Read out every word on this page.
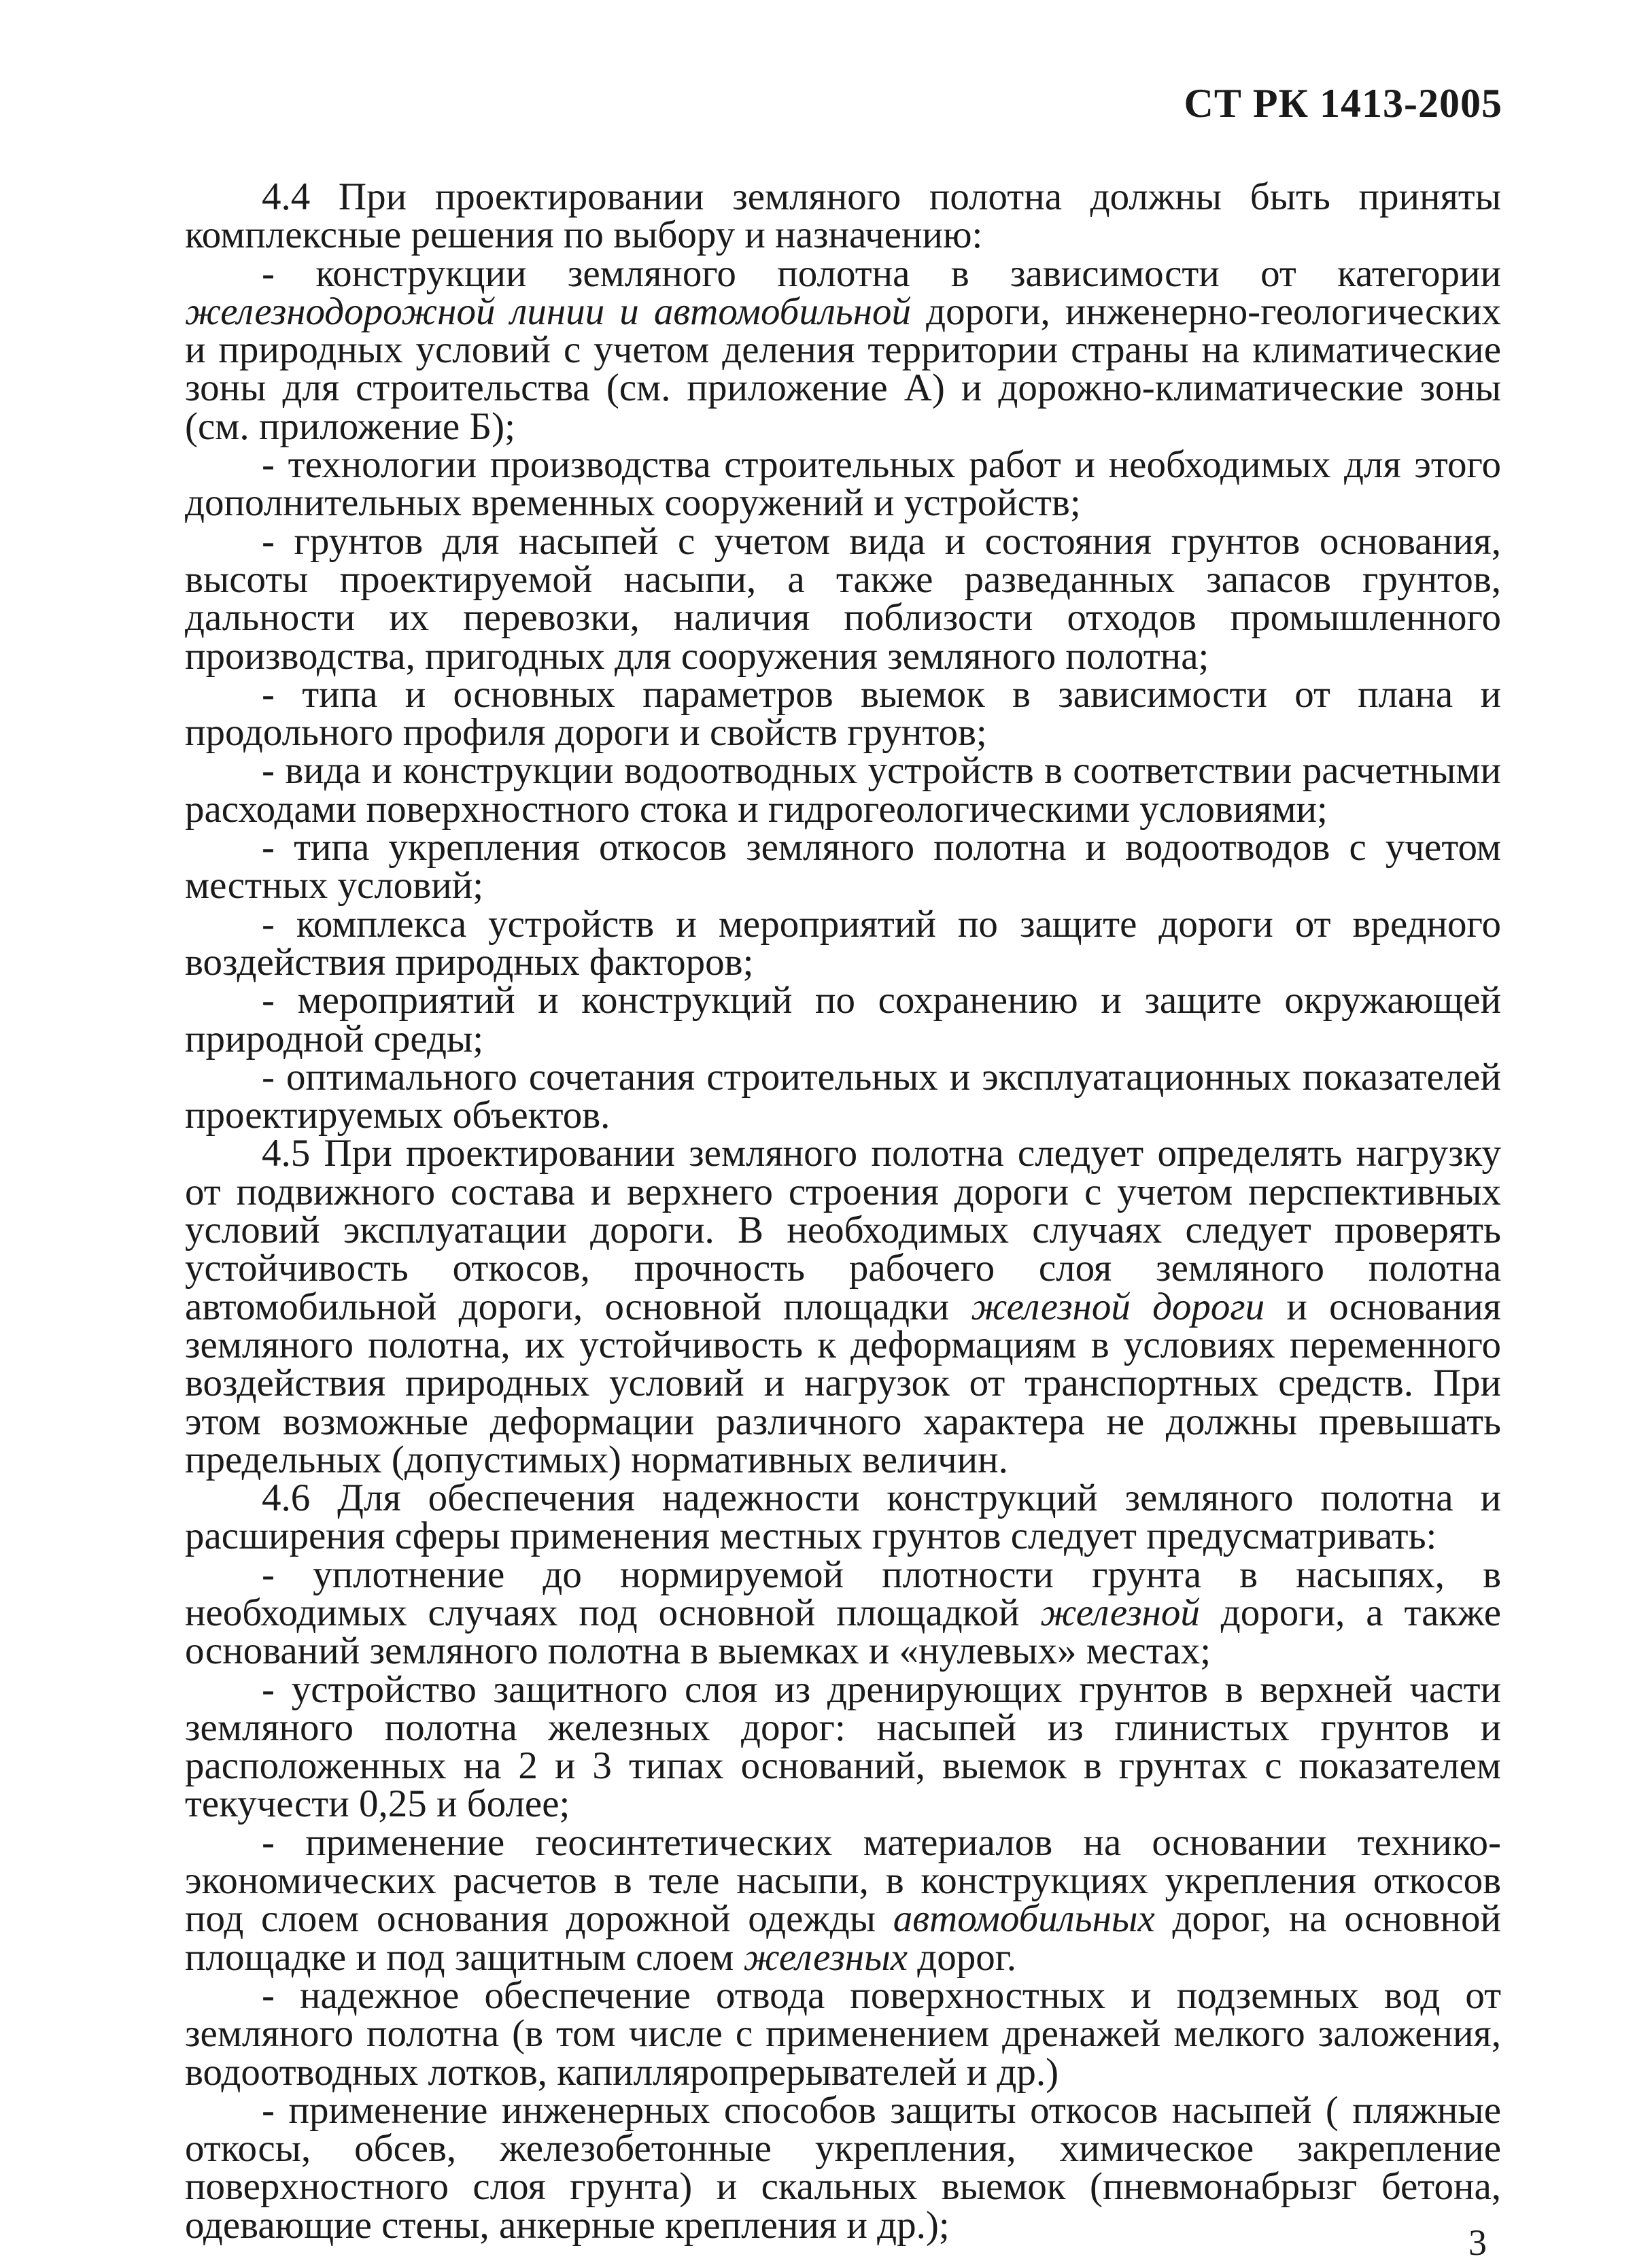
СТ РК 1413-2005

4.4 При проектировании земляного полотна должны быть приняты комплексные решения по выбору и назначению:

- конструкции земляного полотна в зависимости от категории железнодорожной линии и автомобильной дороги, инженерно-геологических и природных условий с учетом деления территории страны на климатические зоны для строительства (см. приложение А) и дорожно-климатические зоны (см. приложение Б);

- технологии производства строительных работ и необходимых для этого дополнительных временных сооружений и устройств;

- грунтов для насыпей с учетом вида и состояния грунтов основания, высоты проектируемой насыпи, а также разведанных запасов грунтов, дальности их перевозки, наличия поблизости отходов промышленного производства, пригодных для сооружения земляного полотна;

- типа и основных параметров выемок в зависимости от плана и продольного профиля дороги и свойств грунтов;

- вида и конструкции водоотводных устройств в соответствии расчетными расходами поверхностного стока и гидрогеологическими условиями;

- типа укрепления откосов земляного полотна и водоотводов с учетом местных условий;

- комплекса устройств и мероприятий по защите дороги от вредного воздействия природных факторов;

- мероприятий и конструкций по сохранению и защите окружающей природной среды;

- оптимального сочетания строительных и эксплуатационных показателей проектируемых объектов.

4.5 При проектировании земляного полотна следует определять нагрузку от подвижного состава и верхнего строения дороги с учетом перспективных условий эксплуатации дороги. В необходимых случаях следует проверять устойчивость откосов, прочность рабочего слоя земляного полотна автомобильной дороги, основной площадки железной дороги и основания земляного полотна, их устойчивость к деформациям в условиях переменного воздействия природных условий и нагрузок от транспортных средств. При этом возможные деформации различного характера не должны превышать предельных (допустимых) нормативных величин.

4.6 Для обеспечения надежности конструкций земляного полотна и расширения сферы применения местных грунтов следует предусматривать:

- уплотнение до нормируемой плотности грунта в насыпях, в необходимых случаях под основной площадкой железной дороги, а также оснований земляного полотна в выемках и «нулевых» местах;

- устройство защитного слоя из дренирующих грунтов в верхней части земляного полотна железных дорог: насыпей из глинистых грунтов и расположенных на 2 и 3 типах оснований, выемок в грунтах с показателем текучести 0,25 и более;

- применение геосинтетических материалов на основании технико-экономических расчетов в теле насыпи, в конструкциях укрепления откосов под слоем основания дорожной одежды автомобильных дорог, на основной площадке и под защитным слоем железных дорог.

- надежное обеспечение отвода поверхностных и подземных вод от земляного полотна (в том числе с применением дренажей мелкого заложения, водоотводных лотков, капилляропрерывателей и др.)

- применение инженерных способов защиты откосов насыпей ( пляжные откосы, обсев, железобетонные укрепления, химическое закрепление поверхностного слоя грунта) и скальных выемок (пневмонабрызг бетона, одевающие стены, анкерные крепления и др.);	3
